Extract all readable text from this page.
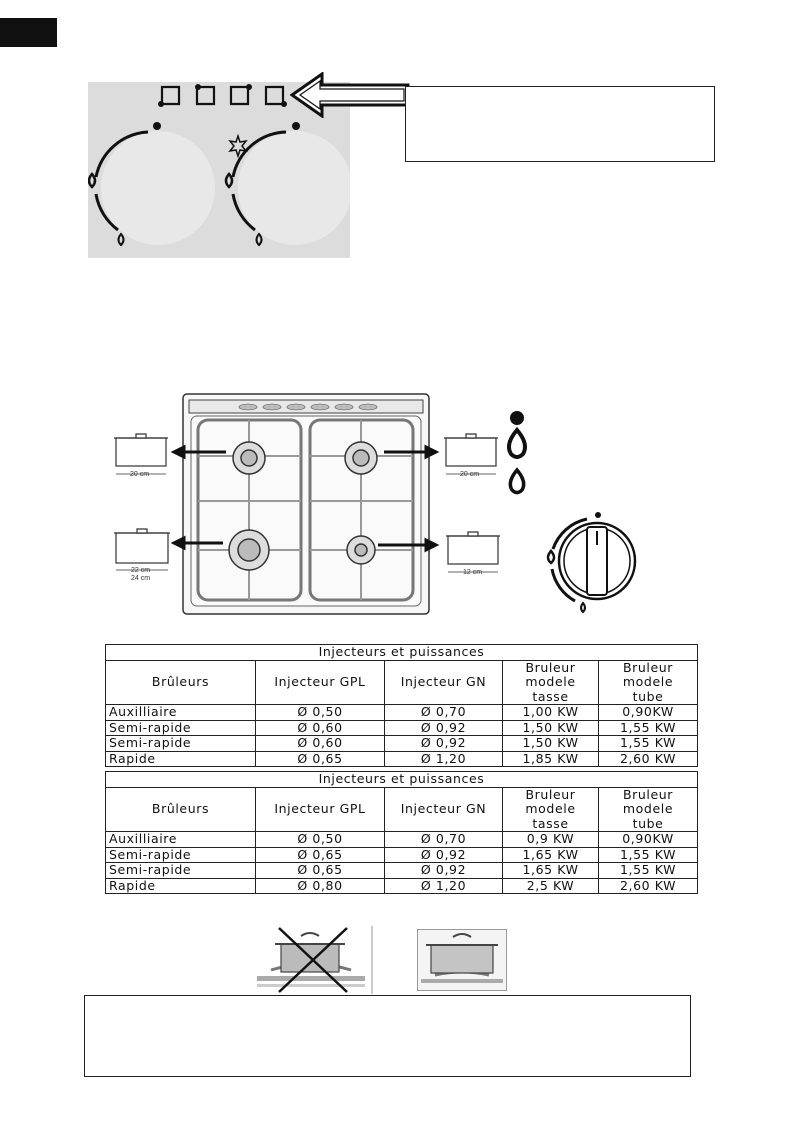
20 cm	20 cm
22 cm
24 cm
12 cm
Injecteurs et puissances				
Brûleurs	Injecteur GPL	Injecteur GN	Bruleur modele tasse	Bruleur modele tube
Auxilliaire	Ø 0,50	Ø 0,70	1,00 KW	0,90KW
Semi-rapide	Ø 0,60	Ø 0,92	1,50 KW	1,55 KW
Semi-rapide	Ø 0,60	Ø 0,92	1,50 KW	1,55 KW
Rapide	Ø 0,65	Ø 1,20	1,85 KW	2,60 KW

Injecteurs et puissances				
Brûleurs	Injecteur GPL	Injecteur GN	Bruleur modele tasse	Bruleur modele tube
Auxilliaire	Ø 0,50	Ø 0,70	0,9 KW	0,90KW
Semi-rapide	Ø 0,65	Ø 0,92	1,65 KW	1,55 KW
Semi-rapide	Ø 0,65	Ø 0,92	1,65 KW	1,55 KW
Rapide	Ø 0,80	Ø 1,20	2,5 KW	2,60 KW
